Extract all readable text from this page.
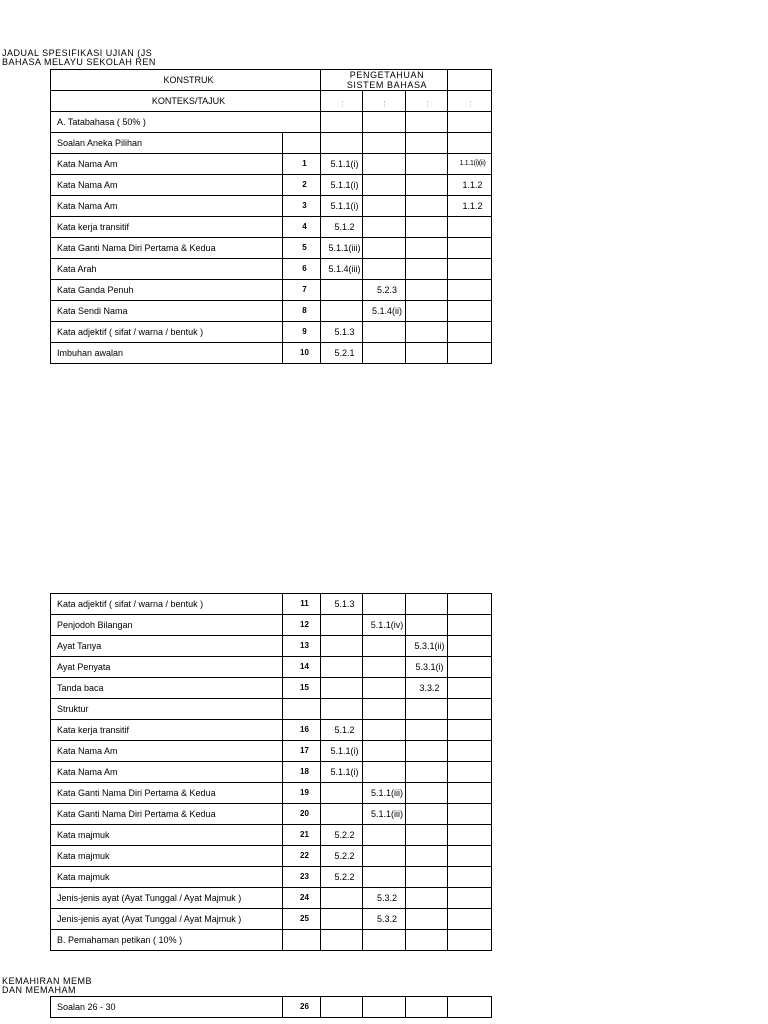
JADUAL SPESIFIKASI UJIAN (JS
BAHASA MELAYU SEKOLAH REN
KONSTRUK		PENGETAHUAN
SISTEM BAHASA			

KONTEKS/TAJUK		

A. Tatabahasa ( 50% )					
Soalan Aneka Pilihan					
Kata Nama Am	1	5.1.1(i)			1.1.1(i)(ii)
Kata Nama Am	2	5.1.1(i)			1.1.2
Kata Nama Am	3	5.1.1(i)			1.1.2
Kata kerja transitif	4	5.1.2			
Kata Ganti Nama Diri Pertama & Kedua	5	5.1.1(iii)			
Kata Arah	6	5.1.4(iii)			
Kata Ganda Penuh	7		5.2.3		
Kata Sendi Nama	8		5.1.4(ii)		
Kata adjektif ( sifat / warna / bentuk )	9	5.1.3			
Imbuhan awalan	10	5.2.1			
Kata adjektif ( sifat / warna / bentuk )	11	5.1.3			
Penjodoh Bilangan	12		5.1.1(iv)		
Ayat Tanya	13			5.3.1(ii)	
Ayat Penyata	14			5.3.1(i)	
Tanda baca	15			3.3.2	
Struktur					
Kata kerja transitif	16	5.1.2			
Kata Nama Am	17	5.1.1(i)			
Kata Nama Am	18	5.1.1(i)			
Kata Ganti Nama Diri Pertama & Kedua	19		5.1.1(iii)		
Kata Ganti Nama Diri Pertama & Kedua	20		5.1.1(iii)		
Kata majmuk	21	5.2.2			
Kata majmuk	22	5.2.2			
Kata majmuk	23	5.2.2			
Jenis-jenis ayat (Ayat Tunggal / Ayat Majmuk )	24		5.3.2		
Jenis-jenis ayat (Ayat Tunggal / Ayat Majmuk )	25		5.3.2		
B. Pemahaman petikan ( 10% )					
KEMAHIRAN MEMB
DAN MEMAHAM
Soalan 26 - 30	26				
